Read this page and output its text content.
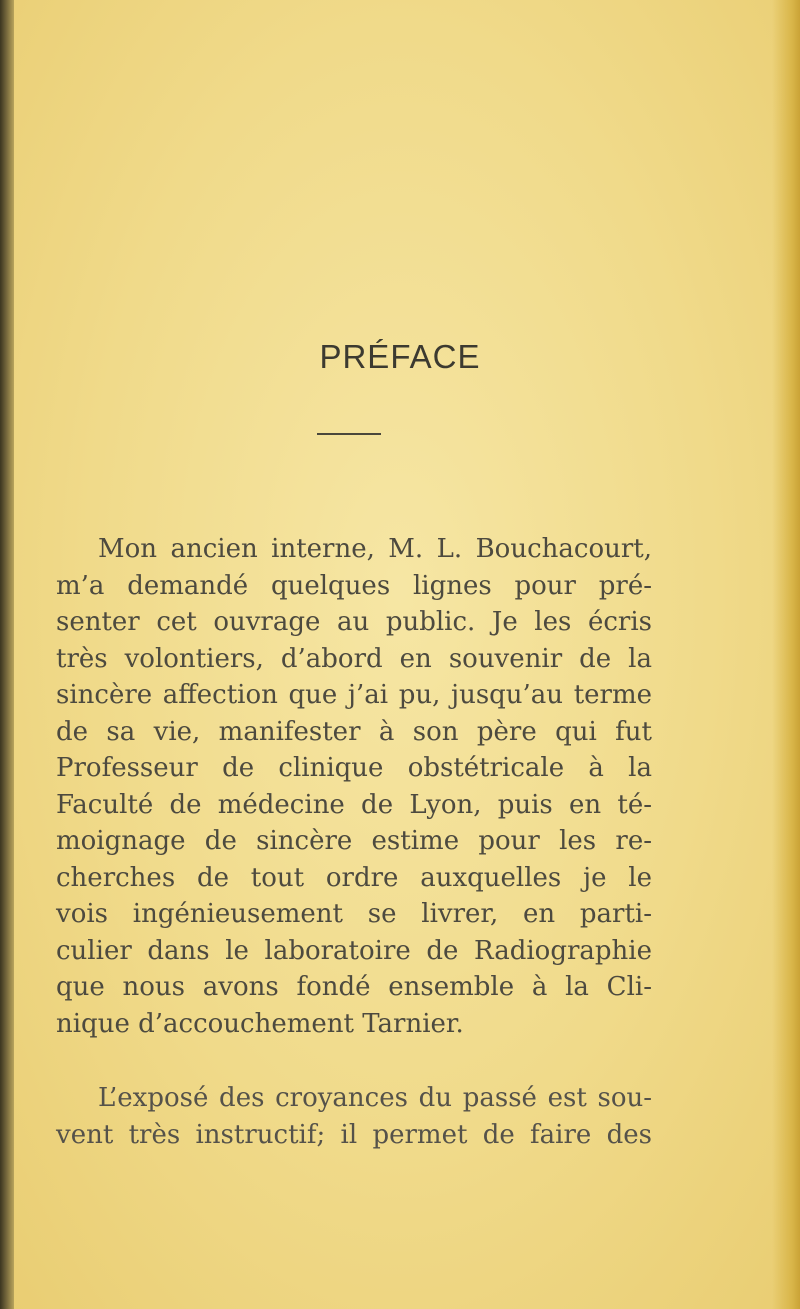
PRÉFACE
Mon ancien interne, M. L. Bouchacourt,
m’a demandé quelques lignes pour pré-
senter cet ouvrage au public. Je les écris
très volontiers, d’abord en souvenir de la
sincère affection que j’ai pu, jusqu’au terme
de sa vie, manifester à son père qui fut
Professeur de clinique obstétricale à la
Faculté de médecine de Lyon, puis en té-
moignage de sincère estime pour les re-
cherches de tout ordre auxquelles je le
vois ingénieusement se livrer, en parti-
culier dans le laboratoire de Radiographie
que nous avons fondé ensemble à la Cli-
nique d’accouchement Tarnier.
L’exposé des croyances du passé est sou-
vent très instructif; il permet de faire des
